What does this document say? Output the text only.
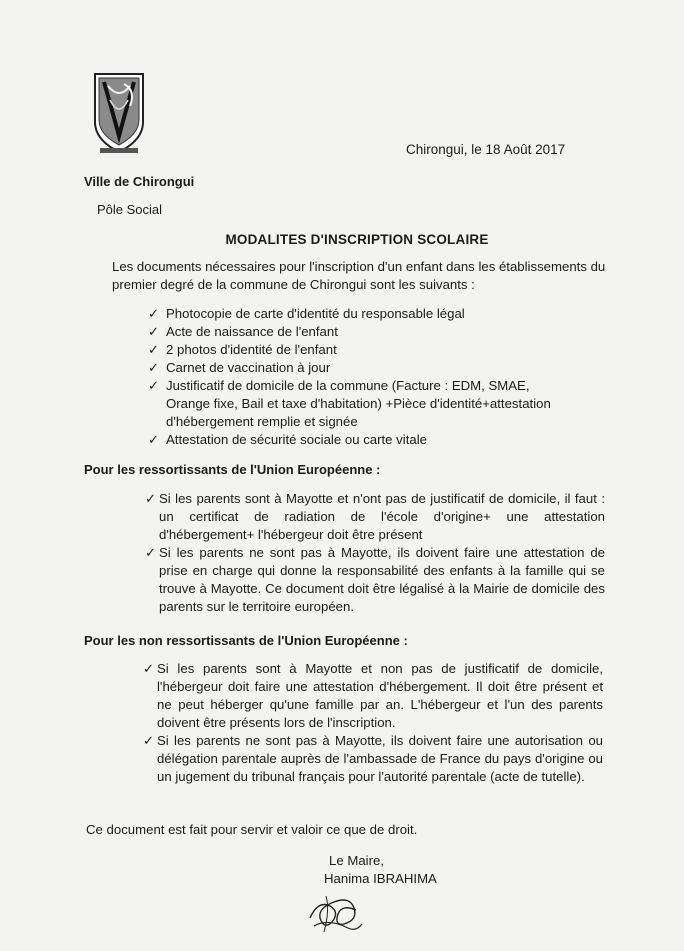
Chirongui, le 18 Août 2017
Ville de Chirongui
Pôle Social
MODALITES D'INSCRIPTION SCOLAIRE
Les documents nécessaires pour l'inscription d'un enfant dans les établissements du premier degré de la commune de Chirongui sont les suivants :
✓ Photocopie de carte d'identité du responsable légal
✓ Acte de naissance de l'enfant
✓ 2 photos d'identité de l'enfant
✓ Carnet de vaccination à jour
✓ Justificatif de domicile de la commune (Facture : EDM, SMAE, Orange fixe, Bail et taxe d'habitation) +Pièce d'identité+attestation d'hébergement remplie et signée
✓ Attestation de sécurité sociale ou carte vitale
Pour les ressortissants de l'Union Européenne :

✓ Si les parents sont à Mayotte et n'ont pas de justificatif de domicile, il faut : un certificat de radiation de l'école d'origine+ une attestation d'hébergement+ l'hébergeur doit être présent

✓ Si les parents ne sont pas à Mayotte, ils doivent faire une attestation de prise en charge qui donne la responsabilité des enfants à la famille qui se trouve à Mayotte. Ce document doit être légalisé à la Mairie de domicile des parents sur le territoire européen.

Pour les non ressortissants de l'Union Européenne :

✓ Si les parents sont à Mayotte et non pas de justificatif de domicile, l'hébergeur doit faire une attestation d'hébergement. Il doit être présent et ne peut héberger qu'une famille par an. L'hébergeur et l'un des parents doivent être présents lors de l'inscription.

✓ Si les parents ne sont pas à Mayotte, ils doivent faire une autorisation ou délégation parentale auprès de l'ambassade de France du pays d'origine ou un jugement du tribunal français pour l'autorité parentale (acte de tutelle).

Ce document est fait pour servir et valoir ce que de droit.
Le Maire,
Hanima IBRAHIMA
